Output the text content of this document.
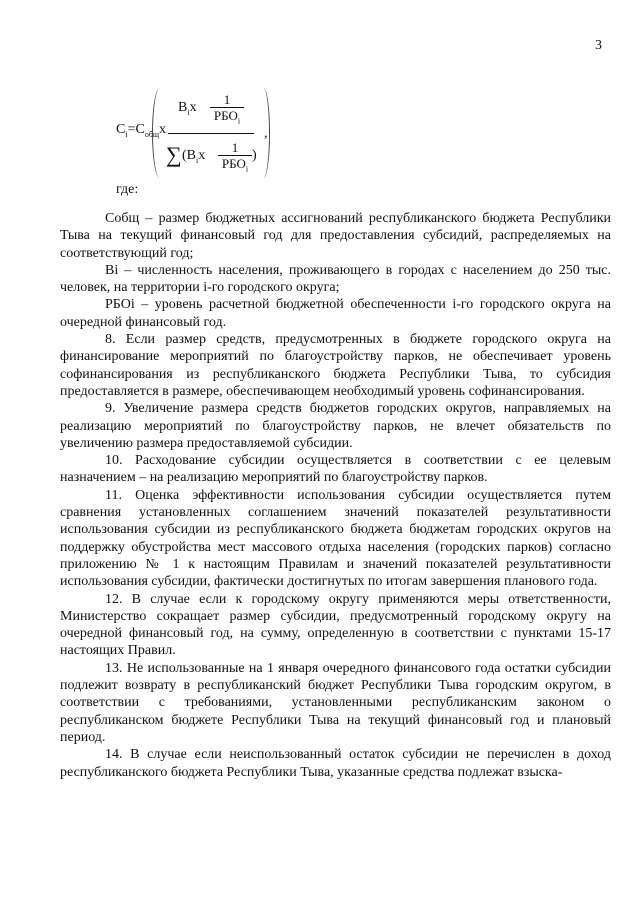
3
$C_i=C_{общ}x$
$B_ix$
1
$РБО_i$
∑ ($B_ix$
1
$РБО_i$
)
,
где:

Cобщ – размер бюджетных ассигнований республиканского бюджета Республики Тыва на текущий финансовый год для предоставления субсидий, распределяемых на соответствующий год;

Bi – численность населения, проживающего в городах с населением до 250 тыс. человек, на территории i-го городского округа;

РБОi – уровень расчетной бюджетной обеспеченности i-го городского округа на очередной финансовый год.

8. Если размер средств, предусмотренных в бюджете городского округа на финансирование мероприятий по благоустройству парков, не обеспечивает уровень софинансирования из республиканского бюджета Республики Тыва, то субсидия предоставляется в размере, обеспечивающем необходимый уровень софинансирования.

9. Увеличение размера средств бюджетов городских округов, направляемых на реализацию мероприятий по благоустройству парков, не влечет обязательств по увеличению размера предоставляемой субсидии.

10. Расходование субсидии осуществляется в соответствии с ее целевым назначением – на реализацию мероприятий по благоустройству парков.

11. Оценка эффективности использования субсидии осуществляется путем сравнения установленных соглашением значений показателей результативности использования субсидии из республиканского бюджета бюджетам городских округов на поддержку обустройства мест массового отдыха населения (городских парков) согласно приложению № 1 к настоящим Правилам и значений показателей результативности использования субсидии, фактически достигнутых по итогам завершения планового года.

12. В случае если к городскому округу применяются меры ответственности, Министерство сокращает размер субсидии, предусмотренный городскому округу на очередной финансовый год, на сумму, определенную в соответствии с пунктами 15-17 настоящих Правил.

13. Не использованные на 1 января очередного финансового года остатки субсидии подлежит возврату в республиканский бюджет Республики Тыва городским округом, в соответствии с требованиями, установленными республиканским законом о республиканском бюджете Республики Тыва на текущий финансовый год и плановый период.

14. В случае если неиспользованный остаток субсидии не перечислен в доход республиканского бюджета Республики Тыва, указанные средства подлежат взыска-
